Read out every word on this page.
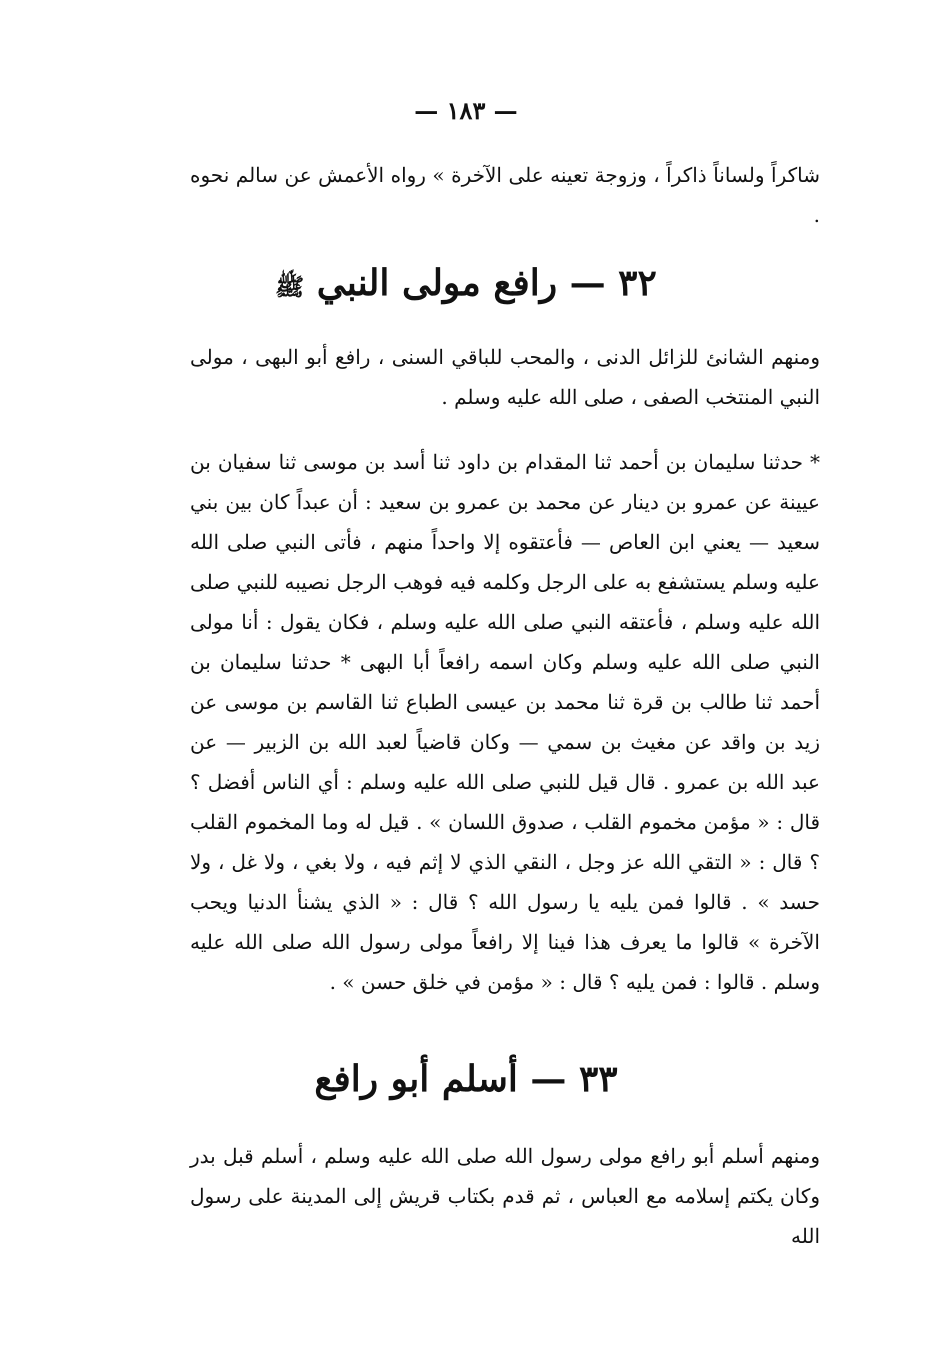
— ١٨٣ —

شاكراً ولساناً ذاكراً ، وزوجة تعينه على الآخرة » رواه الأعمش عن سالم نحوه .

٣٢ — رافع مولى النبي ﷺ

ومنهم الشانئ للزائل الدنى ، والمحب للباقي السنى ، رافع أبو البهى ، مولى النبي المنتخب الصفى ، صلى الله عليه وسلم .

* حدثنا سليمان بن أحمد ثنا المقدام بن داود ثنا أسد بن موسى ثنا سفيان بن عيينة عن عمرو بن دينار عن محمد بن عمرو بن سعيد : أن عبداً كان بين بني سعيد — يعني ابن العاص — فأعتقوه إلا واحداً منهم ، فأتى النبي صلى الله عليه وسلم يستشفع به على الرجل وكلمه فيه فوهب الرجل نصيبه للنبي صلى الله عليه وسلم ، فأعتقه النبي صلى الله عليه وسلم ، فكان يقول : أنا مولى النبي صلى الله عليه وسلم وكان اسمه رافعاً أبا البهى * حدثنا سليمان بن أحمد ثنا طالب بن قرة ثنا محمد بن عيسى الطباع ثنا القاسم بن موسى عن زيد بن واقد عن مغيث بن سمي — وكان قاضياً لعبد الله بن الزبير — عن عبد الله بن عمرو . قال قيل للنبي صلى الله عليه وسلم : أي الناس أفضل ؟ قال : « مؤمن مخموم القلب ، صدوق اللسان » . قيل له وما المخموم القلب ؟ قال : « التقي الله عز وجل ، النقي الذي لا إثم فيه ، ولا بغي ، ولا غل ، ولا حسد » . قالوا فمن يليه يا رسول الله ؟ قال : « الذي يشنأ الدنيا ويحب الآخرة » قالوا ما يعرف هذا فينا إلا رافعاً مولى رسول الله صلى الله عليه وسلم . قالوا : فمن يليه ؟ قال : « مؤمن في خلق حسن » .

٣٣ — أسلم أبو رافع

ومنهم أسلم أبو رافع مولى رسول الله صلى الله عليه وسلم ، أسلم قبل بدر وكان يكتم إسلامه مع العباس ، ثم قدم بكتاب قريش إلى المدينة على رسول الله
